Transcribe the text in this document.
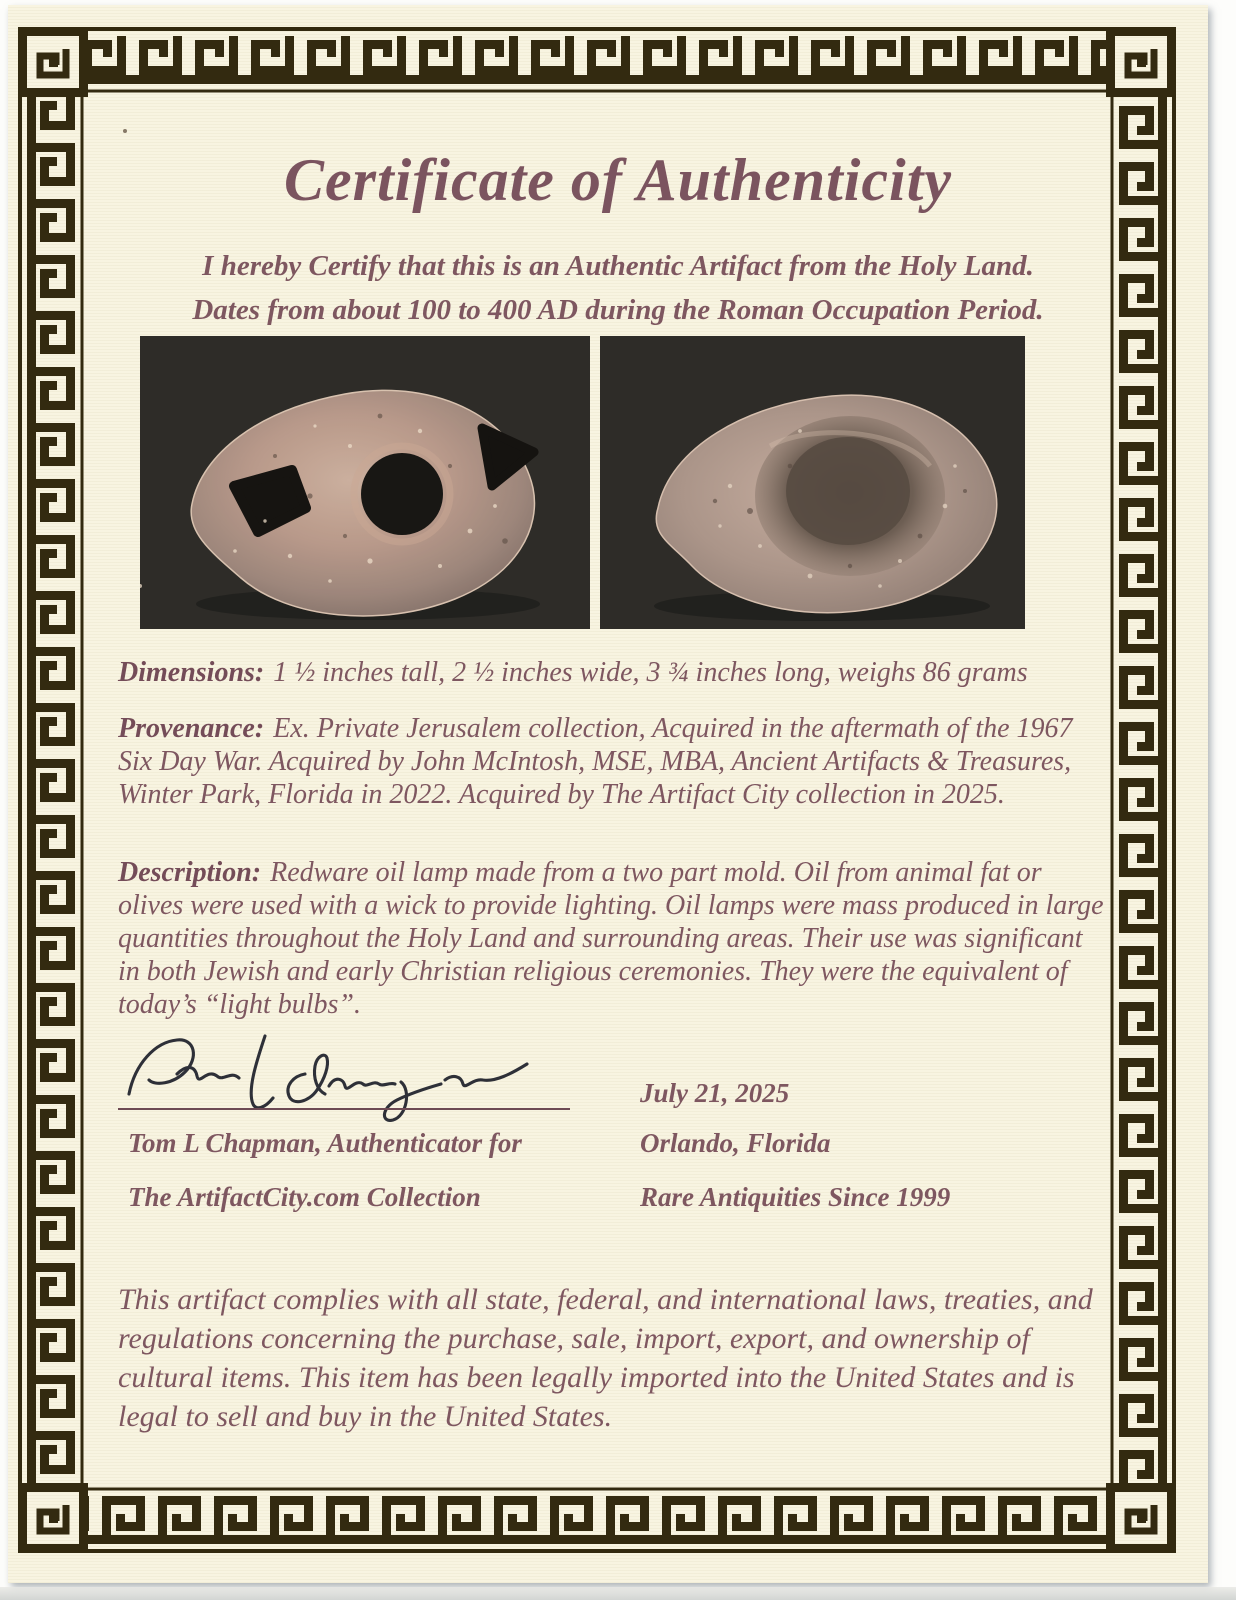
Certificate of Authenticity
I hereby Certify that this is an Authentic Artifact from the Holy Land.
Dates from about 100 to 400 AD during the Roman Occupation Period.

Dimensions: 1 ½ inches tall, 2 ½ inches wide, 3 ¾ inches long, weighs 86 grams

Provenance: Ex. Private Jerusalem collection, Acquired in the aftermath of the 1967 Six Day War. Acquired by John McIntosh, MSE, MBA, Ancient Artifacts & Treasures, Winter Park, Florida in 2022. Acquired by The Artifact City collection in 2025.

Description: Redware oil lamp made from a two part mold. Oil from animal fat or olives were used with a wick to provide lighting. Oil lamps were mass produced in large quantities throughout the Holy Land and surrounding areas. Their use was significant in both Jewish and early Christian religious ceremonies. They were the equivalent of today’s “light bulbs”.

July 21, 2025
Tom L Chapman, Authenticator for	Orlando, Florida
The ArtifactCity.com Collection	Rare Antiquities Since 1999

This artifact complies with all state, federal, and international laws, treaties, and regulations concerning the purchase, sale, import, export, and ownership of cultural items. This item has been legally imported into the United States and is legal to sell and buy in the United States.
